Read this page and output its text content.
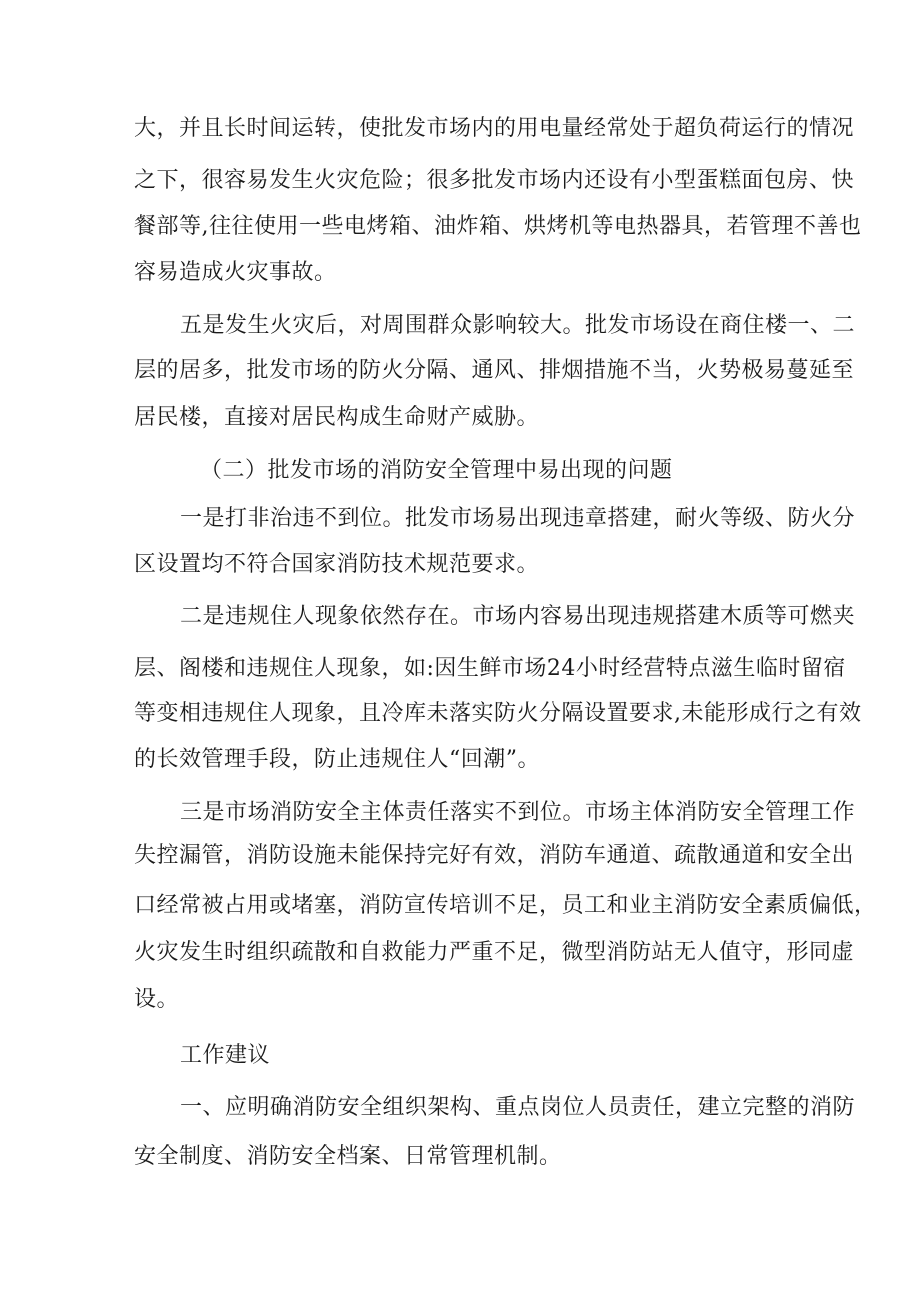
大，并且长时间运转，使批发市场内的用电量经常处于超负荷运行的情况

之下，很容易发生火灾危险；很多批发市场内还设有小型蛋糕面包房、快

餐部等,往往使用一些电烤箱、油炸箱、烘烤机等电热器具，若管理不善也

容易造成火灾事故。

五是发生火灾后，对周围群众影响较大。批发市场设在商住楼一、二

层的居多，批发市场的防火分隔、通风、排烟措施不当，火势极易蔓延至

居民楼，直接对居民构成生命财产威胁。

（二）批发市场的消防安全管理中易出现的问题

一是打非治违不到位。批发市场易出现违章搭建，耐火等级、防火分

区设置均不符合国家消防技术规范要求。

二是违规住人现象依然存在。市场内容易出现违规搭建木质等可燃夹

层、阁楼和违规住人现象，如:因生鲜市场24小时经营特点滋生临时留宿

等变相违规住人现象，且冷库未落实防火分隔设置要求,未能形成行之有效

的长效管理手段，防止违规住人“回潮”。

三是市场消防安全主体责任落实不到位。市场主体消防安全管理工作

失控漏管，消防设施未能保持完好有效，消防车通道、疏散通道和安全出

口经常被占用或堵塞，消防宣传培训不足，员工和业主消防安全素质偏低，

火灾发生时组织疏散和自救能力严重不足，微型消防站无人值守，形同虚

设。

工作建议

一、应明确消防安全组织架构、重点岗位人员责任，建立完整的消防

安全制度、消防安全档案、日常管理机制。
